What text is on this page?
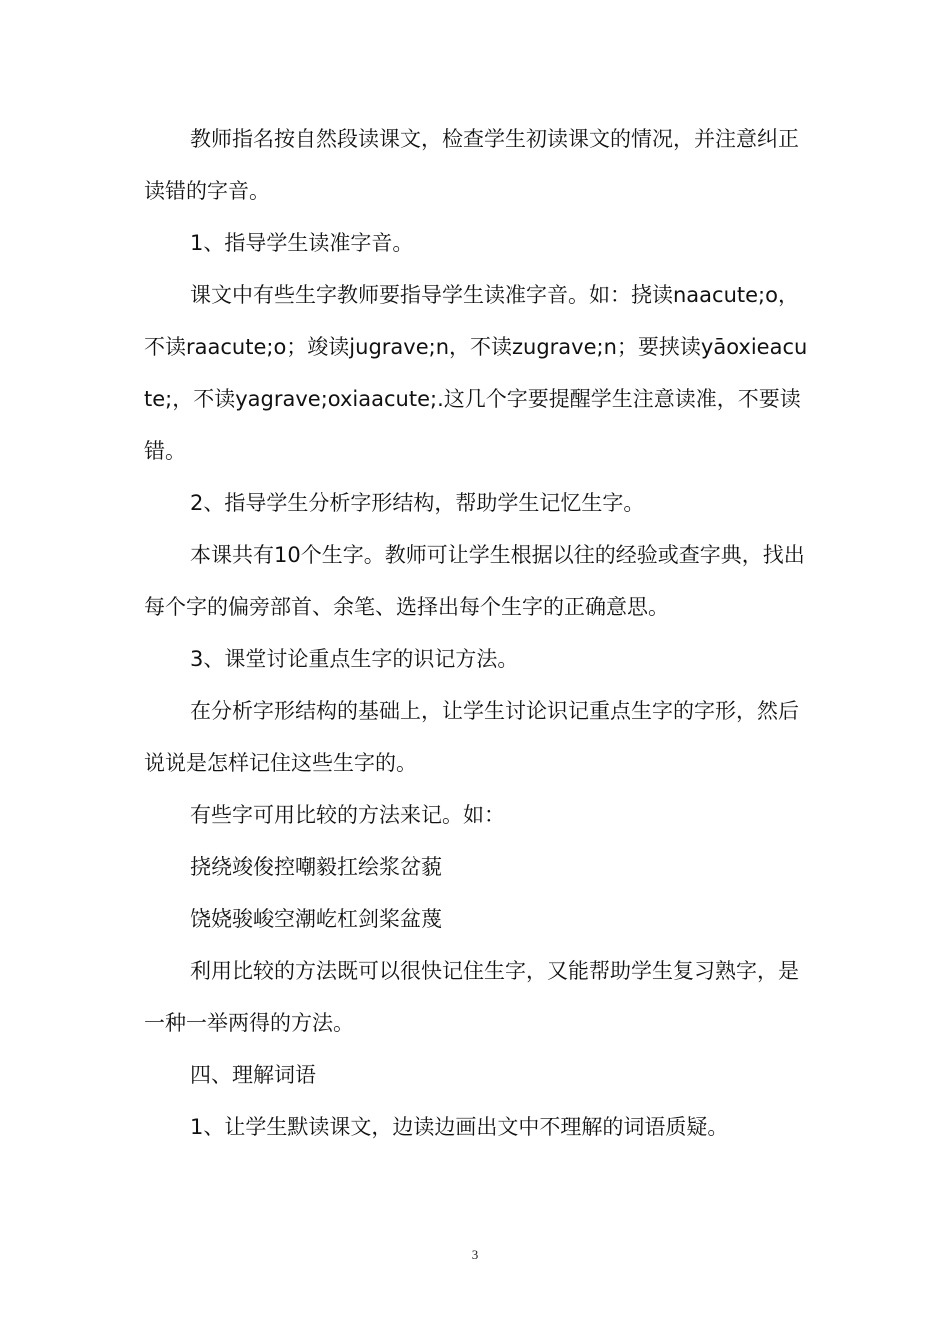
教师指名按自然段读课文，检查学生初读课文的情况，并注意纠正读错的字音。

1、指导学生读准字音。

课文中有些生字教师要指导学生读准字音。如：挠读naacute;o，不读raacute;o；竣读jugrave;n，不读zugrave;n；要挟读yāoxieacute;，不读yagrave;oxiaacute;.这几个字要提醒学生注意读准，不要读错。

2、指导学生分析字形结构，帮助学生记忆生字。

本课共有10个生字。教师可让学生根据以往的经验或查字典，找出每个字的偏旁部首、余笔、选择出每个生字的正确意思。

3、课堂讨论重点生字的识记方法。

在分析字形结构的基础上，让学生讨论识记重点生字的字形，然后说说是怎样记住这些生字的。

有些字可用比较的方法来记。如：

挠绕竣俊控嘲毅扛绘浆岔藐

饶娆骏峻空潮屹杠剑桨盆蔑

利用比较的方法既可以很快记住生字，又能帮助学生复习熟字，是一种一举两得的方法。

四、理解词语

1、让学生默读课文，边读边画出文中不理解的词语质疑。

3
